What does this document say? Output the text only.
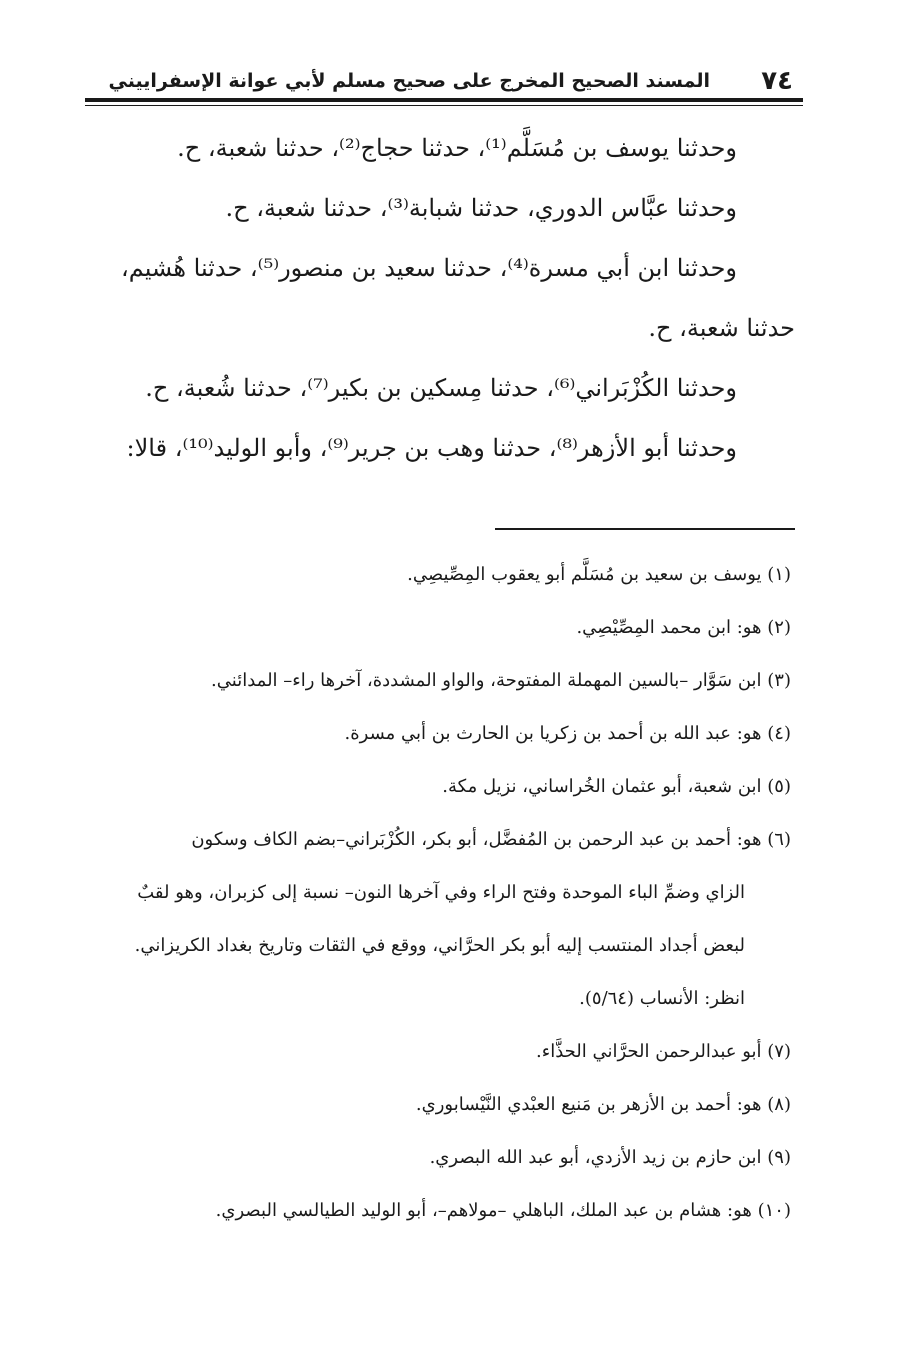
٧٤
المسند الصحيح المخرج على صحيح مسلم لأبي عوانة الإسفراييني

وحدثنا يوسف بن مُسَلَّم⁽¹⁾، حدثنا حجاج⁽²⁾، حدثنا شعبة، ح.

وحدثنا عبَّاس الدوري، حدثنا شبابة⁽³⁾، حدثنا شعبة، ح.

وحدثنا ابن أبي مسرة⁽⁴⁾، حدثنا سعيد بن منصور⁽⁵⁾، حدثنا هُشيم،

حدثنا شعبة، ح.

وحدثنا الكُزْبَراني⁽⁶⁾، حدثنا مِسكين بن بكير⁽⁷⁾، حدثنا شُعبة، ح.

وحدثنا أبو الأزهر⁽⁸⁾، حدثنا وهب بن جرير⁽⁹⁾، وأبو الوليد⁽¹⁰⁾، قالا:

(١) يوسف بن سعيد بن مُسَلَّم أبو يعقوب المِصِّيصِي.

(٢) هو: ابن محمد المِصِّيْصِي.

(٣) ابن سَوَّار –بالسين المهملة المفتوحة، والواو المشددة، آخرها راء– المدائني.

(٤) هو: عبد الله بن أحمد بن زكريا بن الحارث بن أبي مسرة.

(٥) ابن شعبة، أبو عثمان الخُراساني، نزيل مكة.

(٦) هو: أحمد بن عبد الرحمن بن المُفضَّل، أبو بكر، الكُزْبَراني–بضم الكاف وسكون

الزاي وضمِّ الباء الموحدة وفتح الراء وفي آخرها النون– نسبة إلى كزبران، وهو لقبٌ

لبعض أجداد المنتسب إليه أبو بكر الحرَّاني، ووقع في الثقات وتاريخ بغداد الكريزاني.

انظر: الأنساب (٥/٦٤).

(٧) أبو عبدالرحمن الحرَّاني الحذَّاء.

(٨) هو: أحمد بن الأزهر بن مَنيع العبْدي النَّيْسابوري.

(٩) ابن حازم بن زيد الأزدي، أبو عبد الله البصري.

(١٠) هو: هشام بن عبد الملك، الباهلي –مولاهم–، أبو الوليد الطيالسي البصري.
